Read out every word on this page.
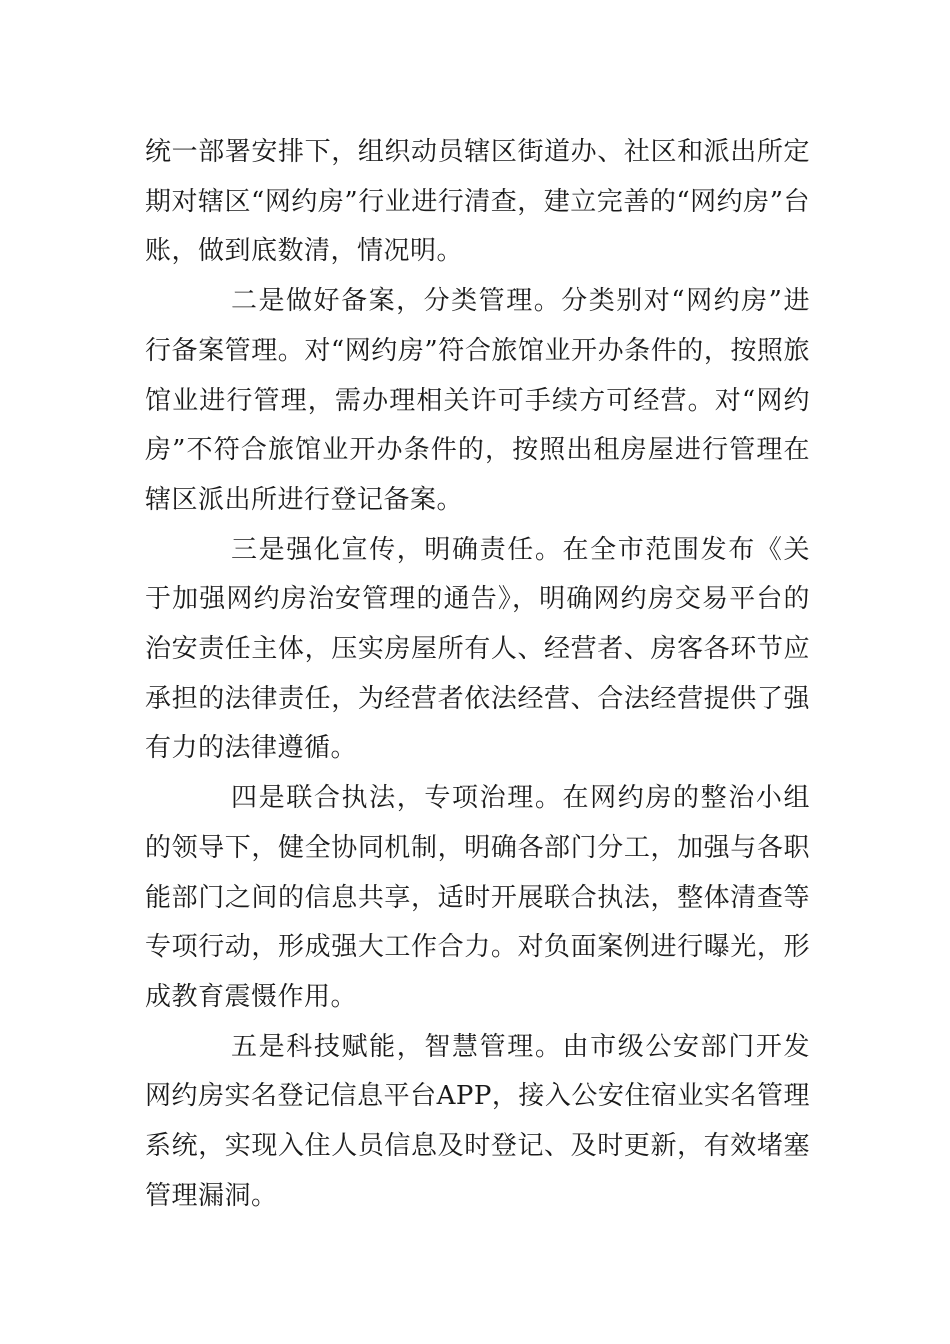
统一部署安排下，组织动员辖区街道办、社区和派出所定期对辖区“网约房”行业进行清查，建立完善的“网约房”台账，做到底数清，情况明。

二是做好备案，分类管理。分类别对“网约房”进行备案管理。对“网约房”符合旅馆业开办条件的，按照旅馆业进行管理，需办理相关许可手续方可经营。对“网约房”不符合旅馆业开办条件的，按照出租房屋进行管理在辖区派出所进行登记备案。

三是强化宣传，明确责任。在全市范围发布《关于加强网约房治安管理的通告》，明确网约房交易平台的治安责任主体，压实房屋所有人、经营者、房客各环节应承担的法律责任，为经营者依法经营、合法经营提供了强有力的法律遵循。

四是联合执法，专项治理。在网约房的整治小组的领导下，健全协同机制，明确各部门分工，加强与各职能部门之间的信息共享，适时开展联合执法，整体清查等专项行动，形成强大工作合力。对负面案例进行曝光，形成教育震慑作用。

五是科技赋能，智慧管理。由市级公安部门开发网约房实名登记信息平台APP，接入公安住宿业实名管理系统，实现入住人员信息及时登记、及时更新，有效堵塞管理漏洞。
